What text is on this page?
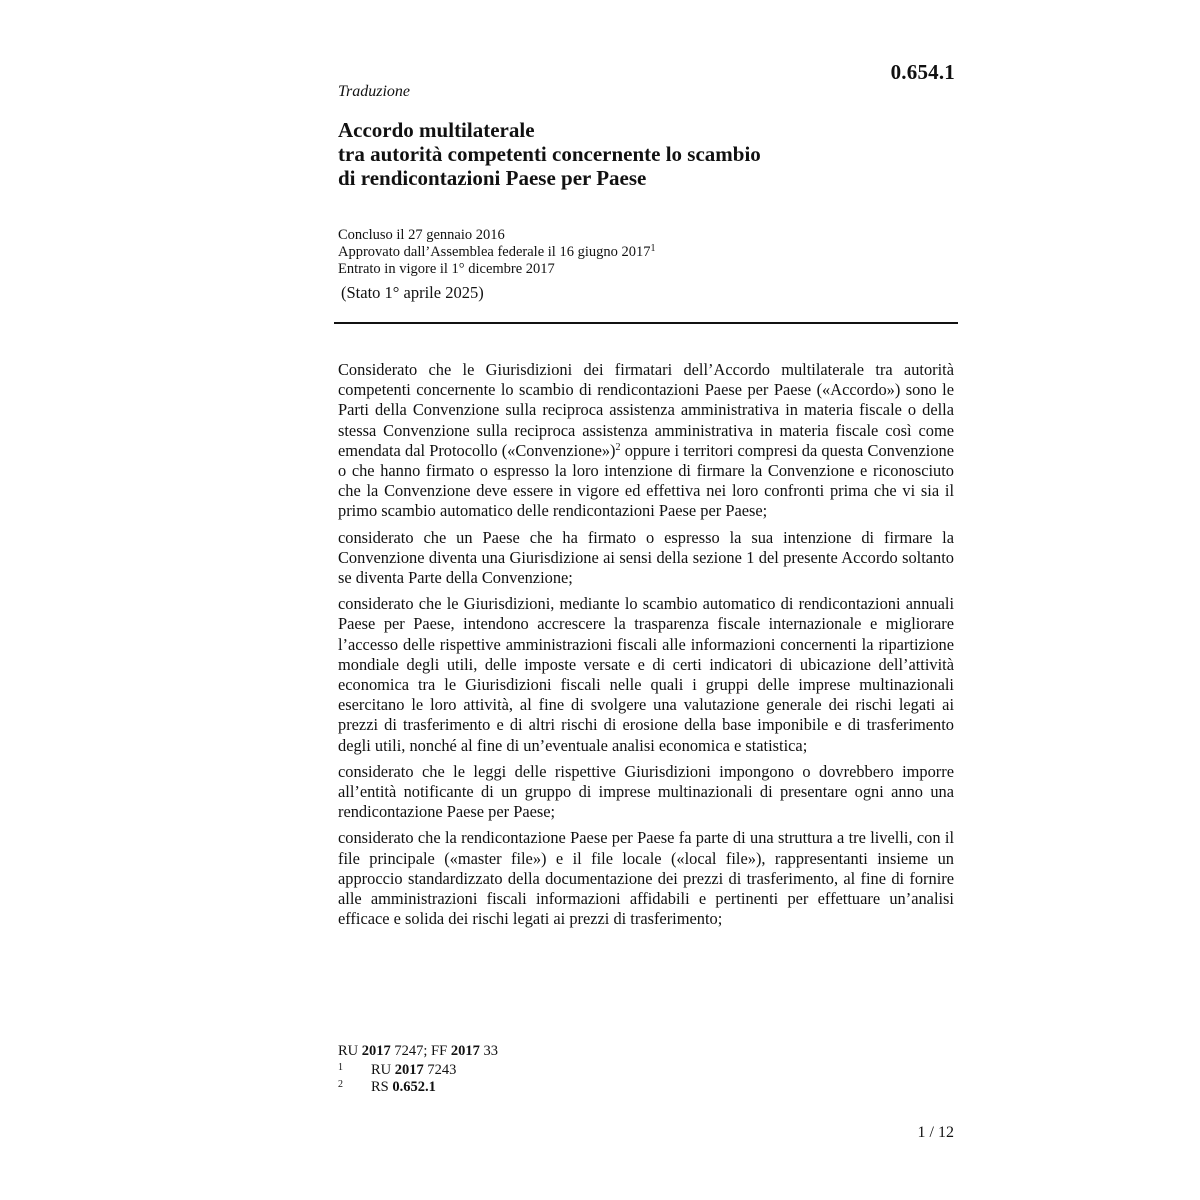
0.654.1
Traduzione
Accordo multilaterale
tra autorità competenti concernente lo scambio
di rendicontazioni Paese per Paese
Concluso il 27 gennaio 2016
Approvato dall’Assemblea federale il 16 giugno 2017$^1$
Entrato in vigore il 1° dicembre 2017
(Stato 1° aprile 2025)

Considerato che le Giurisdizioni dei firmatari dell’Accordo multilaterale tra autorità competenti concernente lo scambio di rendicontazioni Paese per Paese («Accordo») sono le Parti della Convenzione sulla reciproca assistenza amministrativa in materia fiscale o della stessa Convenzione sulla reciproca assistenza amministrativa in materia fiscale così come emendata dal Protocollo («Convenzione»)$^2$ oppure i territori compresi da questa Convenzione o che hanno firmato o espresso la loro intenzione di firmare la Convenzione e riconosciuto che la Convenzione deve essere in vigore ed effettiva nei loro confronti prima che vi sia il primo scambio automatico delle rendicontazioni Paese per Paese;

considerato che un Paese che ha firmato o espresso la sua intenzione di firmare la Convenzione diventa una Giurisdizione ai sensi della sezione 1 del presente Accordo soltanto se diventa Parte della Convenzione;

considerato che le Giurisdizioni, mediante lo scambio automatico di rendicontazioni annuali Paese per Paese, intendono accrescere la trasparenza fiscale internazionale e migliorare l’accesso delle rispettive amministrazioni fiscali alle informazioni concernenti la ripartizione mondiale degli utili, delle imposte versate e di certi indicatori di ubicazione dell’attività economica tra le Giurisdizioni fiscali nelle quali i gruppi delle imprese multinazionali esercitano le loro attività, al fine di svolgere una valutazione generale dei rischi legati ai prezzi di trasferimento e di altri rischi di erosione della base imponibile e di trasferimento degli utili, nonché al fine di un’eventuale analisi economica e statistica;

considerato che le leggi delle rispettive Giurisdizioni impongono o dovrebbero imporre all’entità notificante di un gruppo di imprese multinazionali di presentare ogni anno una rendicontazione Paese per Paese;

considerato che la rendicontazione Paese per Paese fa parte di una struttura a tre livelli, con il file principale («master file») e il file locale («local file»), rappresentanti insieme un approccio standardizzato della documentazione dei prezzi di trasferimento, al fine di fornire alle amministrazioni fiscali informazioni affidabili e pertinenti per effettuare un’analisi efficace e solida dei rischi legati ai prezzi di trasferimento;

RU 2017 7247; FF 2017 33
1 RU 2017 7243
2 RS 0.652.1
1 / 12
